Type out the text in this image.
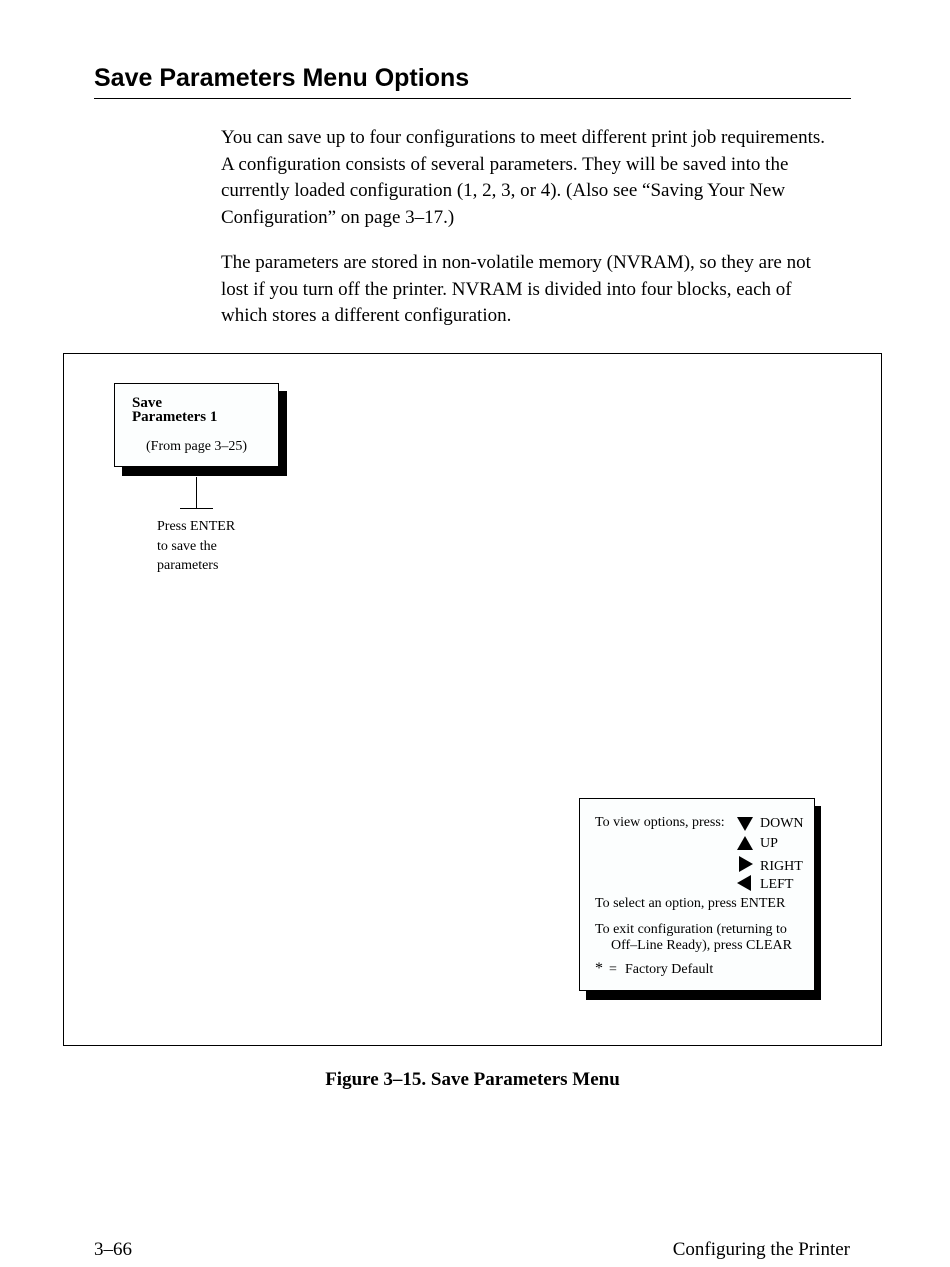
Save Parameters Menu Options

You can save up to four configurations to meet different print job requirements. A configuration consists of several parameters. They will be saved into the currently loaded configuration (1, 2, 3, or 4). (Also see “Saving Your New Configuration” on page 3–17.)

The parameters are stored in non-volatile memory (NVRAM), so they are not lost if you turn off the printer. NVRAM is divided into four blocks, each of which stores a different configuration.

Save
Parameters 1
(From page 3–25)
Press ENTER
to save the
parameters
To view options, press:	DOWN
UP
RIGHT
LEFT
To select an option, press ENTER
To exit configuration (returning to
Off–Line Ready), press CLEAR
* = Factory Default
Figure 3–15. Save Parameters Menu
3–66	Configuring the Printer
